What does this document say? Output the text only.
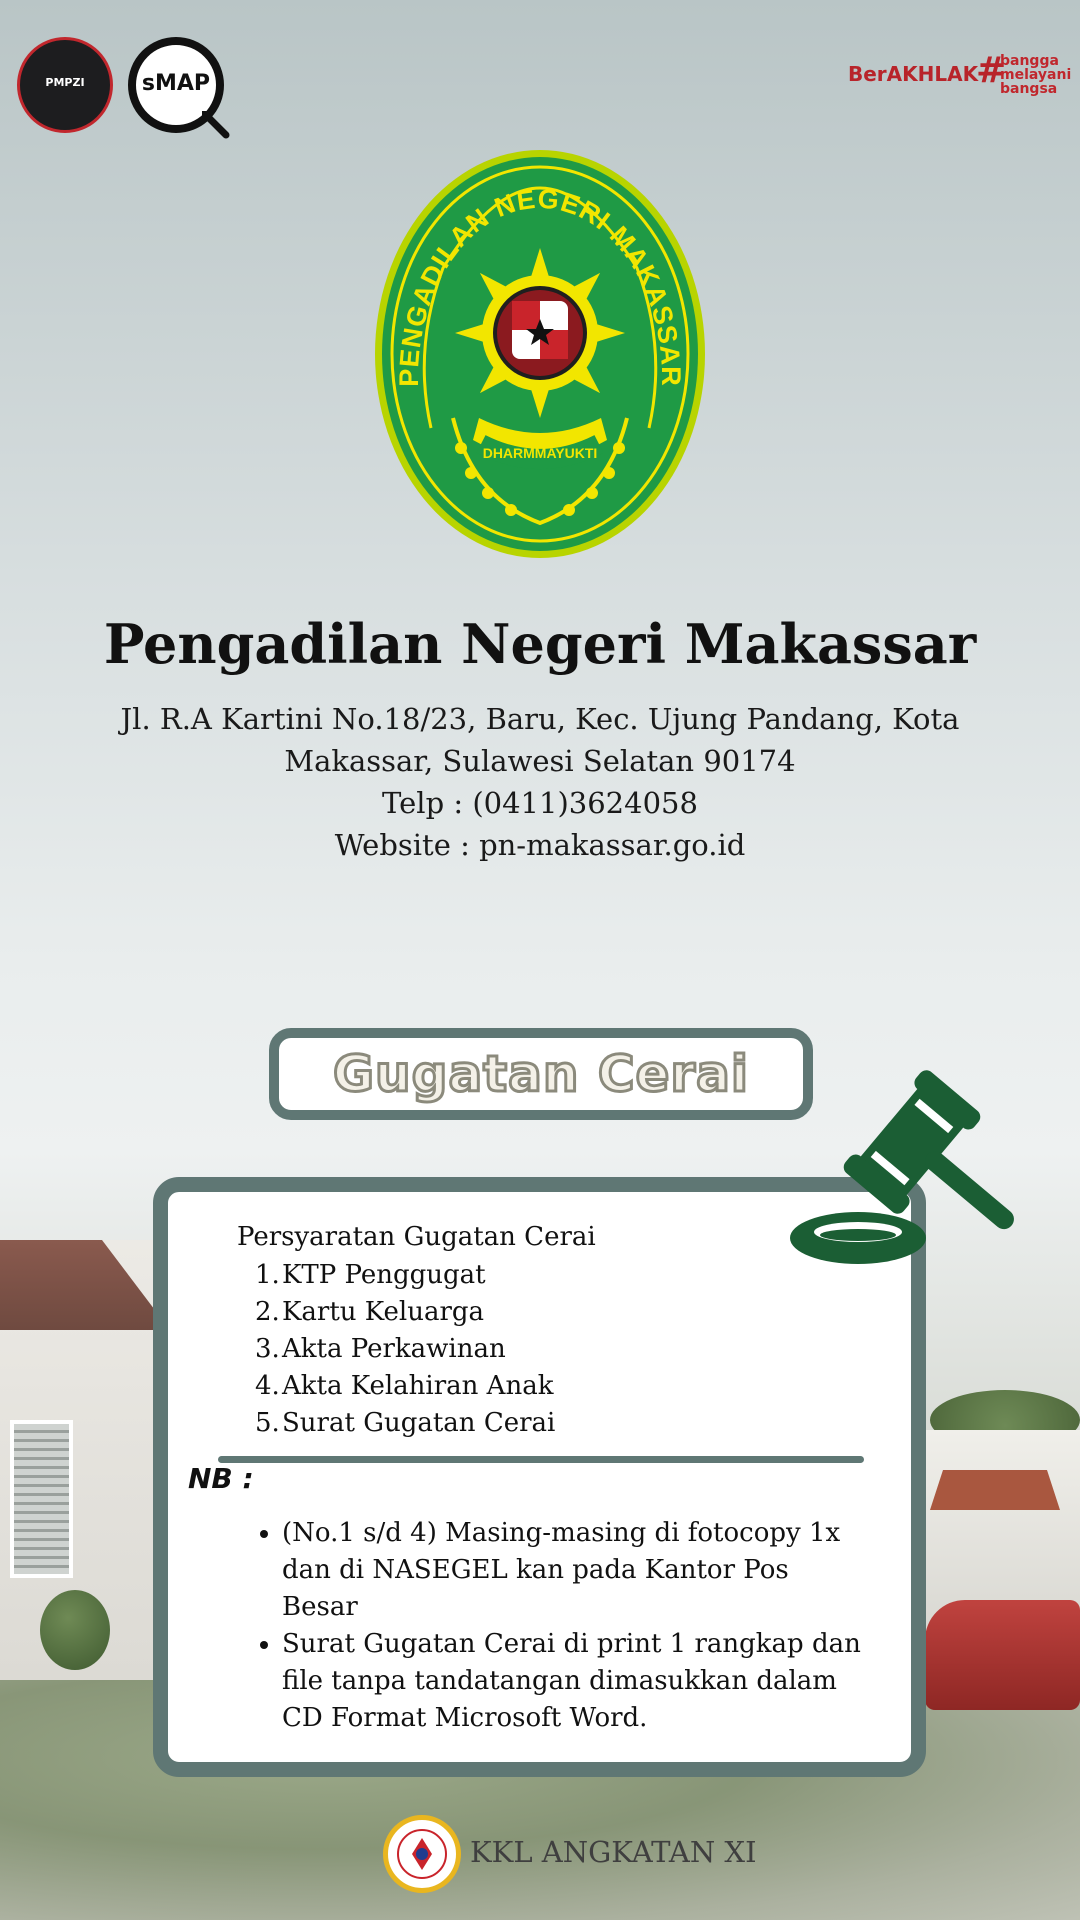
PMPZI	sMAP	BerAKHLAK
#
bangga melayani bangsa
PENGADILAN NEGERI MAKASSAR
DHARMMAYUKTI
Pengadilan Negeri Makassar
Jl. R.A Kartini No.18/23, Baru, Kec. Ujung Pandang, Kota
Makassar, Sulawesi Selatan 90174
Telp : (0411)3624058
Website : pn-makassar.go.id
Gugatan Cerai
Persyaratan Gugatan Cerai
1. KTP Penggugat
2. Kartu Keluarga
3. Akta Perkawinan
4. Akta Kelahiran Anak
5. Surat Gugatan Cerai
NB :
• (No.1 s/d 4) Masing-masing di fotocopy 1x dan di NASEGEL kan pada Kantor Pos Besar
• Surat Gugatan Cerai di print 1 rangkap dan file tanpa tandatangan dimasukkan dalam CD Format Microsoft Word.
KKL ANGKATAN XI
